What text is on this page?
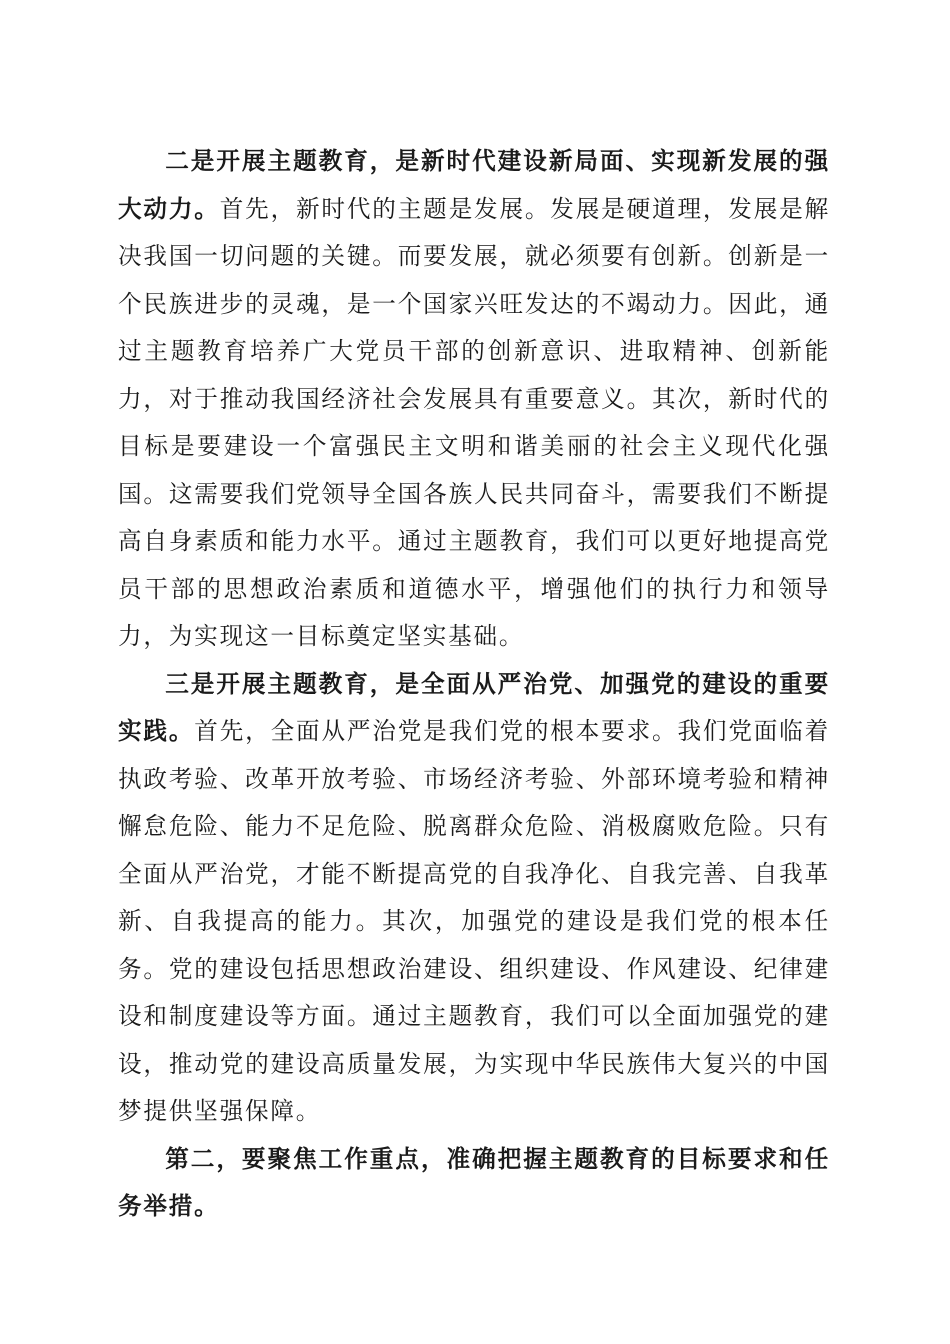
二是开展主题教育，是新时代建设新局面、实现新发展的强大动力。首先，新时代的主题是发展。发展是硬道理，发展是解决我国一切问题的关键。而要发展，就必须要有创新。创新是一个民族进步的灵魂，是一个国家兴旺发达的不竭动力。因此，通过主题教育培养广大党员干部的创新意识、进取精神、创新能力，对于推动我国经济社会发展具有重要意义。其次，新时代的目标是要建设一个富强民主文明和谐美丽的社会主义现代化强国。这需要我们党领导全国各族人民共同奋斗，需要我们不断提高自身素质和能力水平。通过主题教育，我们可以更好地提高党员干部的思想政治素质和道德水平，增强他们的执行力和领导力，为实现这一目标奠定坚实基础。

三是开展主题教育，是全面从严治党、加强党的建设的重要实践。首先，全面从严治党是我们党的根本要求。我们党面临着执政考验、改革开放考验、市场经济考验、外部环境考验和精神懈怠危险、能力不足危险、脱离群众危险、消极腐败危险。只有全面从严治党，才能不断提高党的自我净化、自我完善、自我革新、自我提高的能力。其次，加强党的建设是我们党的根本任务。党的建设包括思想政治建设、组织建设、作风建设、纪律建设和制度建设等方面。通过主题教育，我们可以全面加强党的建设，推动党的建设高质量发展，为实现中华民族伟大复兴的中国梦提供坚强保障。

第二，要聚焦工作重点，准确把握主题教育的目标要求和任务举措。
